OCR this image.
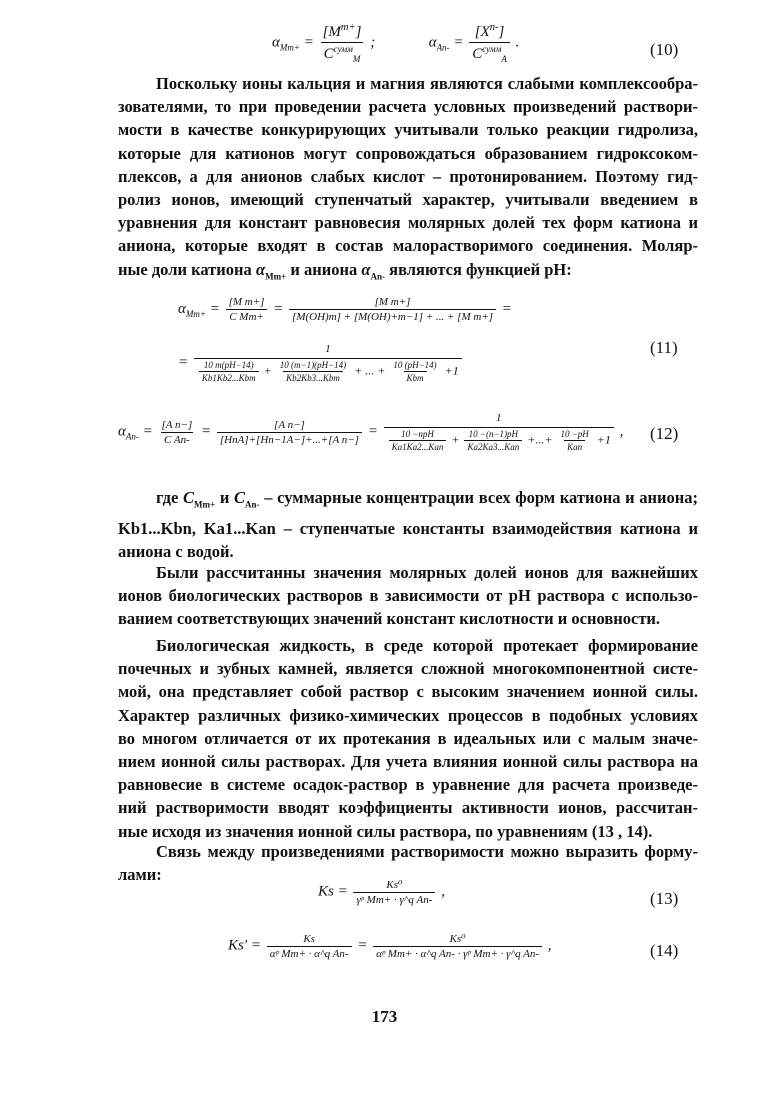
$\alpha_{Mm+} = \frac{[M^{m+}]}{C^{сумм}_M}$ ;	$\alpha_{An-} = \frac{[X^{n-}]}{C^{сумм}_A}$ .	(10)
Поскольку ионы кальция и магния являются слабыми комплексообра-
зователями, то при проведении расчета условных произведений раствори-
мости в качестве конкурирующих учитывали только реакции гидролиза,
которые для катионов могут сопровождаться образованием гидроксоком-
плексов, а для анионов слабых кислот – протонированием. Поэтому гид-
ролиз ионов, имеющий ступенчатый характер, учитывали введением в
уравнения для констант равновесия молярных долей тех форм катиона и
аниона, которые входят в состав малорастворимого соединения. Моляр-
ные доли катиона $\alpha_{Mm+}$ и аниона $\alpha_{An-}$ являются функцией pH:
$\alpha_{Mm+} = \frac{\text{[M m+]}}{\text{C Mm+}} = \frac{\text{[M m+]}}{\text{[M(OH)m] + [M(OH)+m−1] + ... + [M m+]}}$ =
=
1
$\frac{10 m(pH-14)}{\text{Kb1Kb2...Kbm}} + \frac{10 (m-1)(pH-14)}{\text{Kb2Kb3...Kbm}}$ + ... + $\frac{10 (pH-14)}{\text{Kbm}} +1$
(11)
$\alpha_{An-} = \frac{\text{[A n−]}}{\text{C An-}} = \frac{\text{[A n−]}}{\text{[HnA]+[Hn−1A−]+...+[A n−]}}$ =
1
$\frac{\text{10 −npH}}{\text{Ka1Ka2...Kan}} + \frac{10 -(n-1)pH}{\text{Ka2Ka3...Kan}}$ +...+ $\frac{10 -pH}{\text{Kan}} +1$ , (12)
где $C_{Mm+}$ и $C_{An-}$ – суммарные концентрации всех форм катиона и аниона;
Kb1...Kbn, Ka1...Kan – ступенчатые константы взаимодействия катиона и
аниона с водой.
Были рассчитанны значения молярных долей ионов для важнейших
ионов биологических растворов в зависимости от pH раствора с использо-
ванием соответствующих значений констант кислотности и основности.
Биологическая жидкость, в среде которой протекает формирование
почечных и зубных камней, является сложной многокомпонентной систе-
мой, она представляет собой раствор с высоким значением ионной силы.
Характер различных физико-химических процессов в подобных условиях
во многом отличается от их протекания в идеальных или с малым значе-
нием ионной силы растворах. Для учета влияния ионной силы раствора на
равновесие в системе осадок-раствор в уравнение для расчета произведе-
ний растворимости вводят коэффициенты активности ионов, рассчитан-
ные исходя из значения ионной силы раствора, по уравнениям (13 , 14).
Связь между произведениями растворимости можно выразить форму-
лами:
$Ks = \frac{\text{Ks⁰}}{\text{γᵖ Mm+ · γ\textasciicircum{}q An-}}$ ,	(13)
$Ks' = \frac{Ks}{\text{αᵖ Mm+ · α\textasciicircum{}q An-}} = \frac{\text{Ks⁰}}{\text{αᵖ Mm+ · α\textasciicircum{}q An- · γᵖ Mm+ · γ\textasciicircum{}q An-}}$ ,	(14)
173
